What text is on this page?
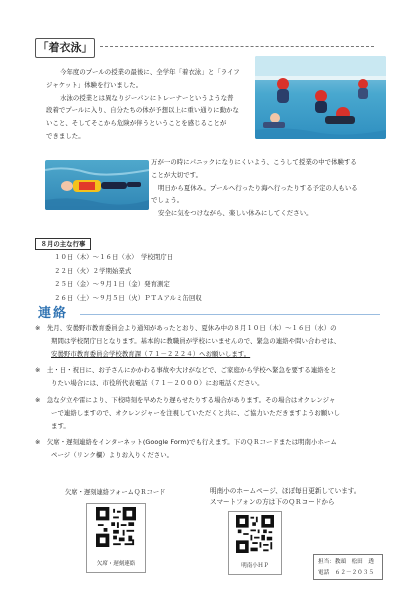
「着衣泳」
今年度のプールの授業の最後に、全学年「着衣泳」と「ライフ
ジャケット」体験を行いました。
水泳の授業とは異なりジーパンにトレーナーというような普
段着でプールに入り、自分たちの体が予想以上に重い通りに動かな
いこと、そしてそこから危険が伴うということを感じることが
できました。
万が一の時にパニックになりにくいよう、こうして授業の中で体験する
ことが大切です。
明日から夏休み。プールへ行ったり海へ行ったりする予定の人もいる
でしょう。
安全に気をつけながら、楽しい休みにしてください。
８月の主な行事
１０日（木）～１６日（水）　学校閉庁日
２２日（火）２学期始業式
２５日（金）～９月１日（金）発育測定
２６日（土）～９月５日（火）ＰＴＡアルミ缶回収
連絡
※　先月、安曇野市教育委員会より通知があったとおり、夏休み中の８月１０日（木）～１６日（水）の
期間は学校閉庁日となります。基本的に教職員が学校にいませんので、緊急の連絡や問い合わせは、
安曇野市教育委員会学校教育課（７１－２２２４）へお願いします。
※　土・日・祝日に、お子さんにかかわる事故や大けがなどで、ご家庭から学校へ緊急を要する連絡をと
りたい場合には、市役所代表電話（７１－２０００）にお電話ください。
※　急な夕立や雷により、下校時刻を早めたり遅らせたりする場合があります。その場合はオクレンジャ
ーで連絡しますので、オクレンジャーを注視していただくと共に、ご協力いただきますようお願いし
ます。
※　欠席・遅刻連絡をインターネット(Google Form)でも行えます。下のＱＲコードまたは明南小ホーム
ページ（リンク欄）よりお入りください。
欠席・遅刻連絡フォームＱＲコード
欠席・遅刻連絡
明南小のホームページ、ほぼ毎日更新しています。
スマートフォンの方は下のＱＲコードから
明南小ＨＰ
担当：教頭　松田　透
電話　６２－２０３５
